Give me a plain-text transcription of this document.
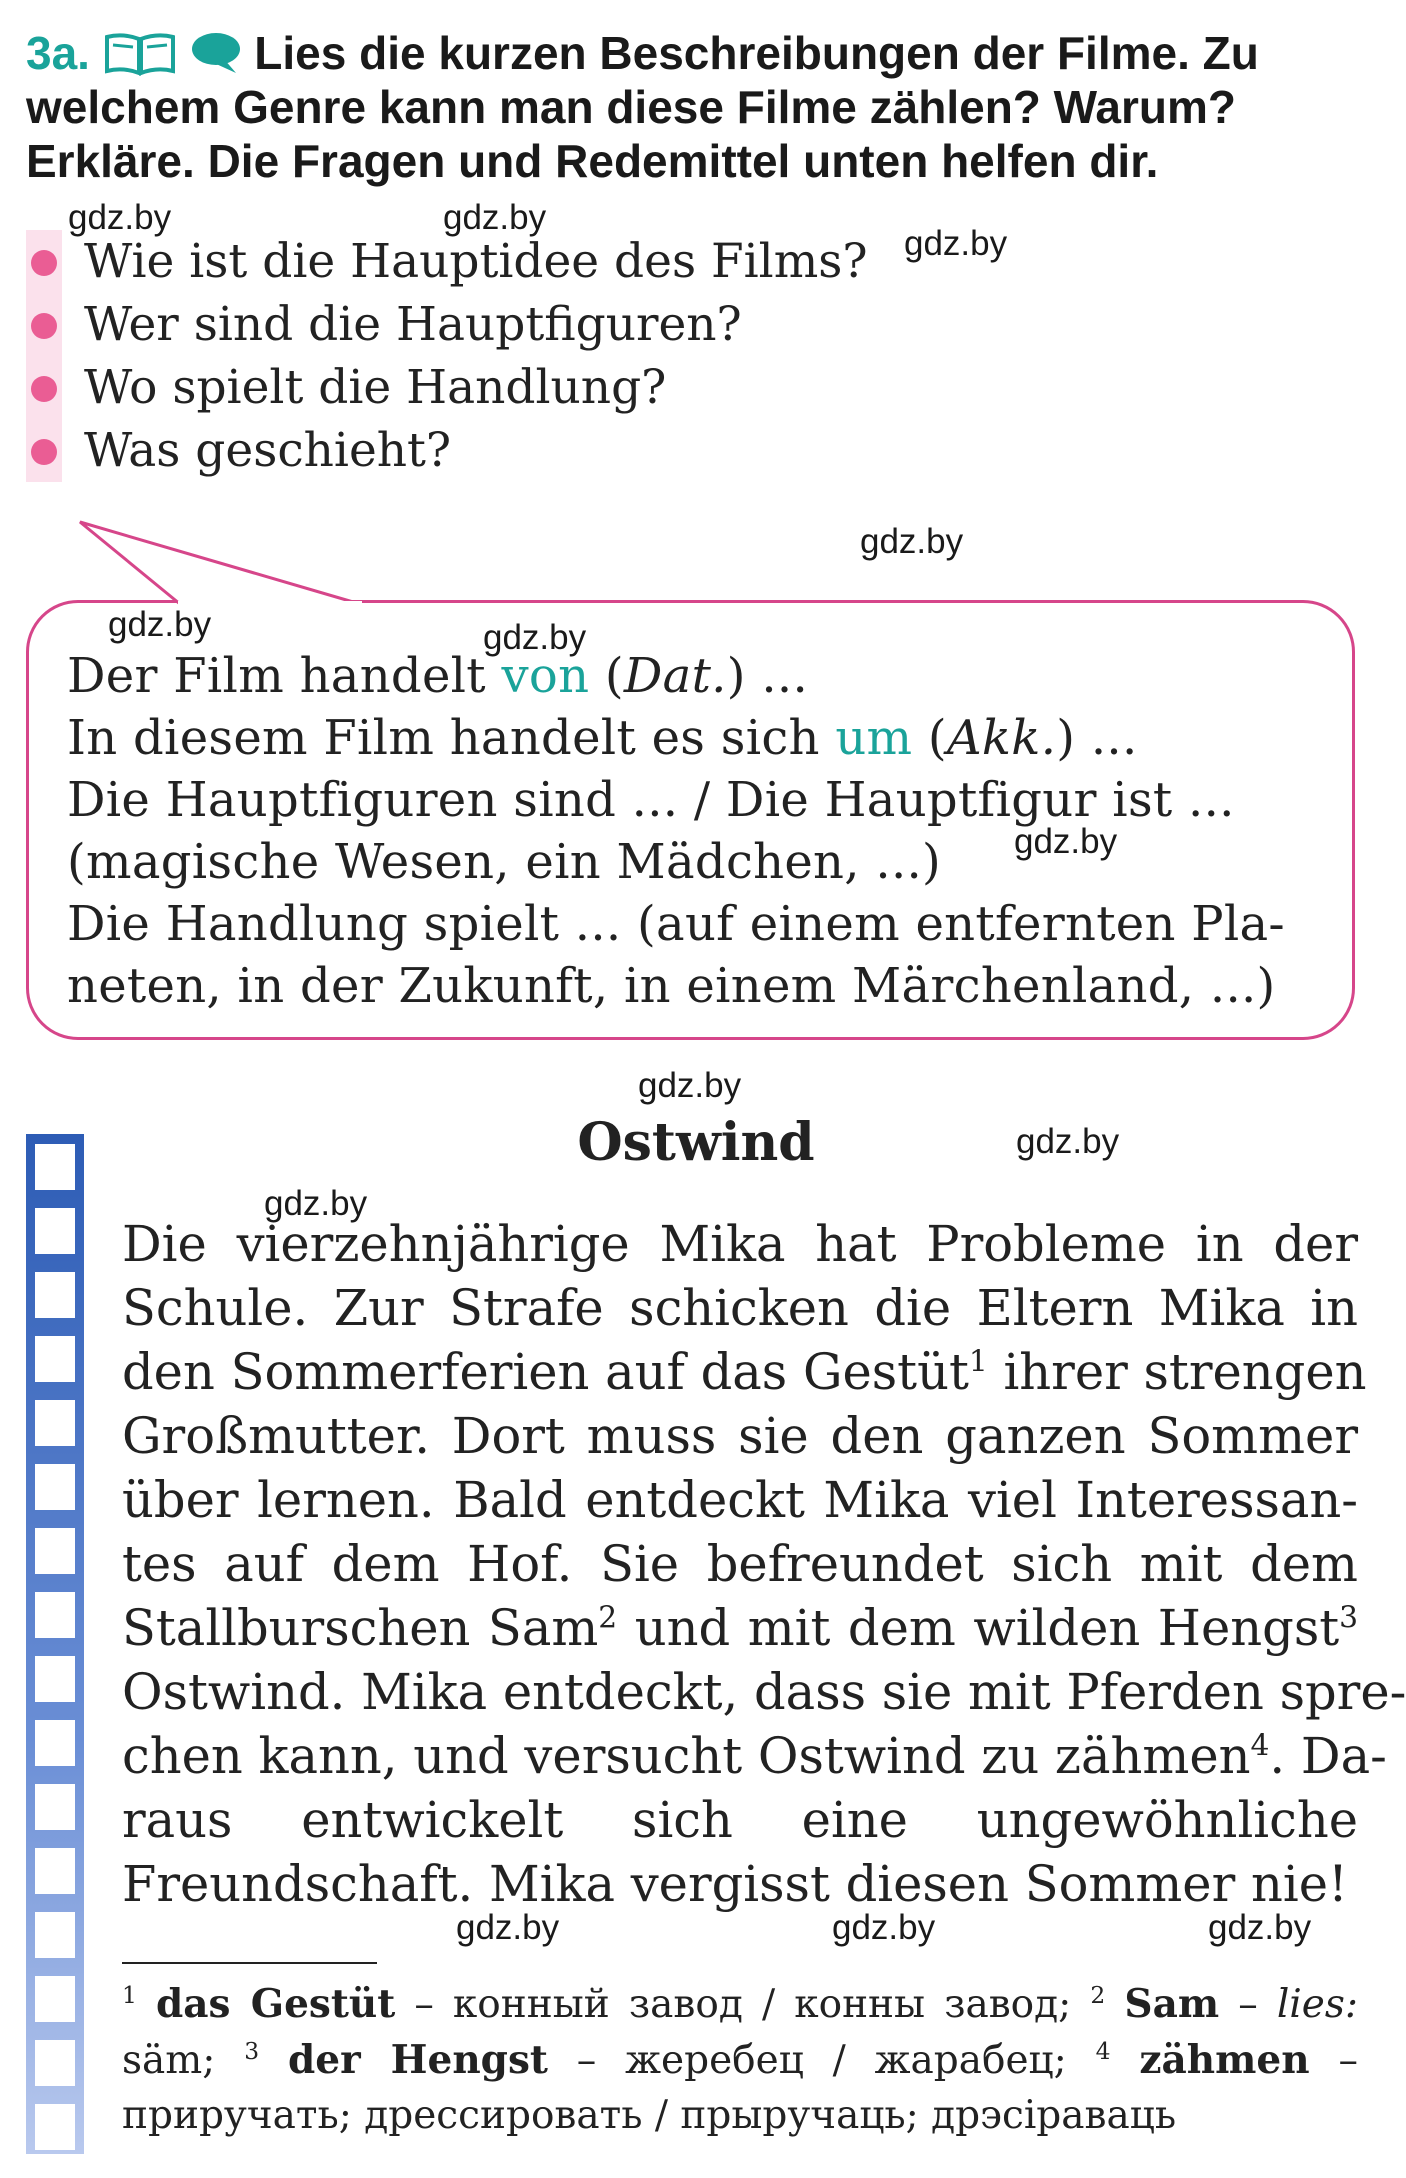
3a.	Lies die kurzen Beschreibungen der Filme. Zu
welchem Genre kann man diese Filme zählen? Warum?
Erkläre. Die Fragen und Redemittel unten helfen dir.
Wie ist die Hauptidee des Films?
Wer sind die Hauptfiguren?
Wo spielt die Handlung?
Was geschieht?
Der Film handelt von (Dat.) ...
In diesem Film handelt es sich um (Akk.) ...
Die Hauptfiguren sind ... / Die Hauptfigur ist ...
(magische Wesen, ein Mädchen, ...)
Die Handlung spielt ... (auf einem entfernten Pla-
neten, in der Zukunft, in einem Märchenland, ...)
Ostwind
Die vierzehnjährige Mika hat Probleme in der
Schule. Zur Strafe schicken die Eltern Mika in
den Sommerferien auf das Gestüt$^1$ ihrer strengen
Großmutter. Dort muss sie den ganzen Sommer
über lernen. Bald entdeckt Mika viel Interessan-
tes auf dem Hof. Sie befreundet sich mit dem
Stallburschen Sam$^2$ und mit dem wilden Hengst$^3$
Ostwind. Mika entdeckt, dass sie mit Pferden spre-
chen kann, und versucht Ostwind zu zähmen$^4$. Da-
raus entwickelt sich eine ungewöhnliche
Freundschaft. Mika vergisst diesen Sommer nie!
$^1$ das Gestüt – конный завод / конны завод; $^2$ Sam – lies:
säm; $^3$ der Hengst – жеребец / жарабец; $^4$ zähmen –
приручать; дрессировать / прыручаць; дрэсіраваць
gdz.by	gdz.by
gdz.by
gdz.by
gdz.by	gdz.by
gdz.by
gdz.by
gdz.by
gdz.by
gdz.by	gdz.by	gdz.by
